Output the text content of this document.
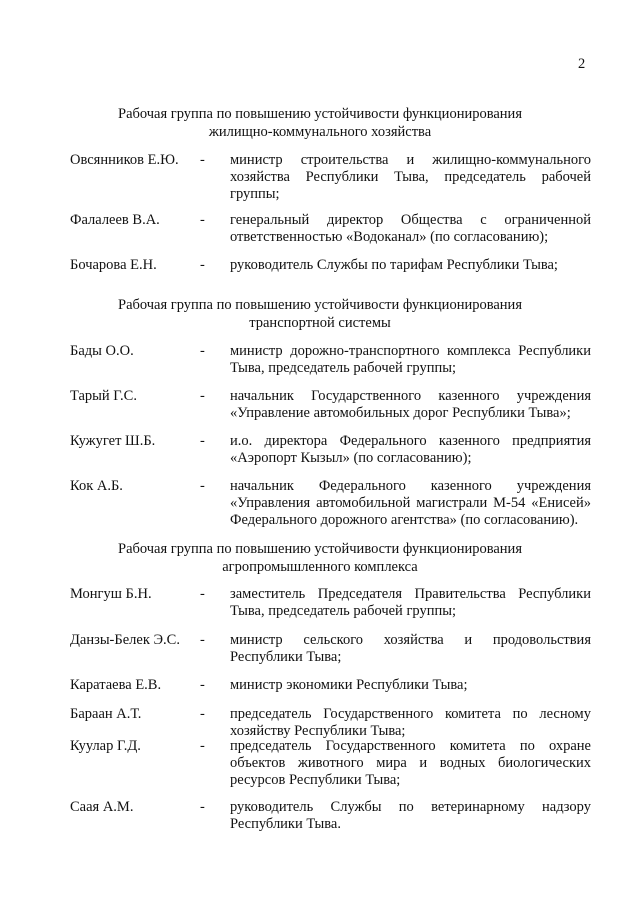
2
Рабочая группа по повышению устойчивости функционирования
жилищно-коммунального хозяйства
Овсянников Е.Ю. - министр строительства и жилищно-коммунального хозяйства Республики Тыва, председатель рабочей группы;
Фалалеев В.А.	- генеральный директор Общества с ограниченной ответственностью «Водоканал» (по согласованию);
Бочарова Е.Н.	- руководитель Службы по тарифам Республики Тыва;
Рабочая группа по повышению устойчивости функционирования
транспортной системы
Бады О.О.	- министр дорожно-транспортного комплекса Республики Тыва, председатель рабочей группы;
Тарый Г.С.	- начальник Государственного казенного учреждения «Управление автомобильных дорог Республики Тыва»;
Кужугет Ш.Б.	- и.о. директора Федерального казенного предприятия «Аэропорт Кызыл» (по согласованию);
Кок А.Б.	- начальник Федерального казенного учреждения «Управления автомобильной магистрали М-54 «Енисей» Федерального дорожного агентства» (по согласованию).
Рабочая группа по повышению устойчивости функционирования
агропромышленного комплекса
Монгуш Б.Н.	- заместитель Председателя Правительства Республики Тыва, председатель рабочей группы;
Данзы-Белек Э.С. - министр сельского хозяйства и продовольствия Республики Тыва;
Каратаева Е.В.	- министр экономики Республики Тыва;
Бараан А.Т.	- председатель Государственного комитета по лесному хозяйству Республики Тыва;
Куулар Г.Д.	- председатель Государственного комитета по охране объектов животного мира и водных биологических ресурсов Республики Тыва;
Саая А.М.	- руководитель Службы по ветеринарному надзору Республики Тыва.
